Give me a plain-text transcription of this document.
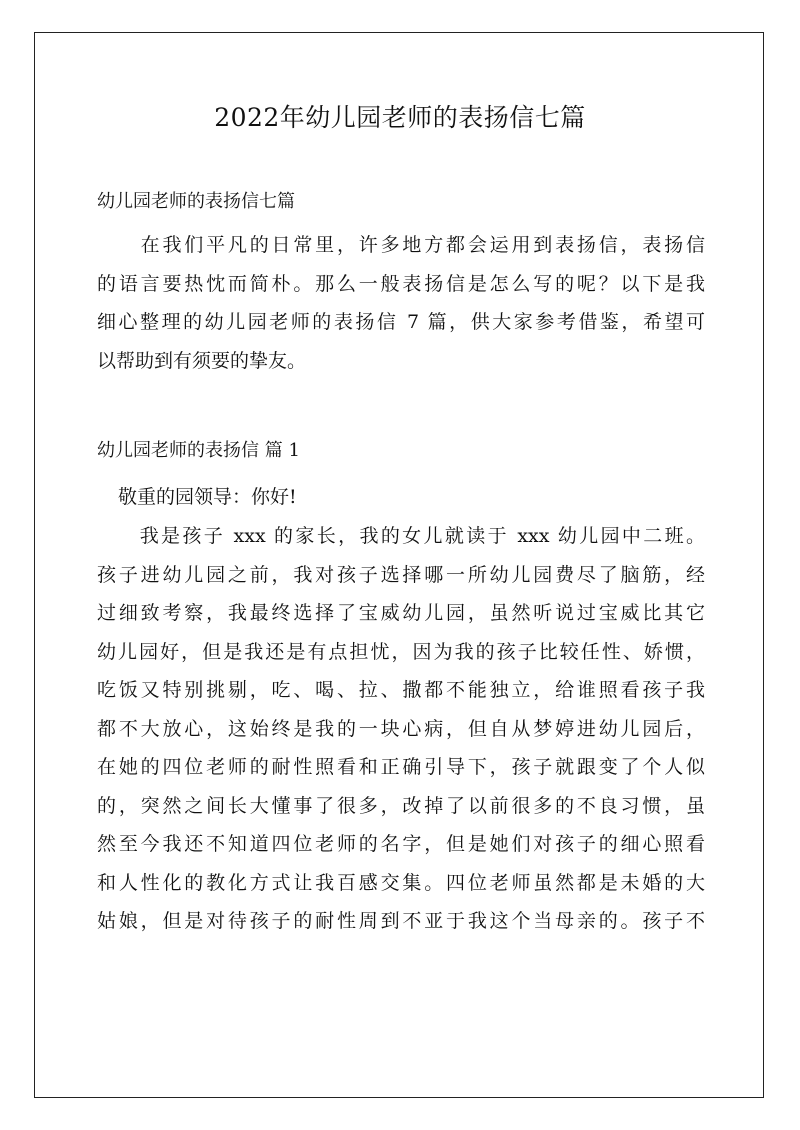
2022年幼儿园老师的表扬信七篇
幼儿园老师的表扬信七篇

　　在我们平凡的日常里，许多地方都会运用到表扬信，表扬信
的语言要热忱而简朴。那么一般表扬信是怎么写的呢？以下是我
细心整理的幼儿园老师的表扬信 7 篇，供大家参考借鉴，希望可
以帮助到有须要的挚友。

幼儿园老师的表扬信 篇 1
敬重的园领导：你好!

　　我是孩子 xxx 的家长，我的女儿就读于 xxx 幼儿园中二班。
孩子进幼儿园之前，我对孩子选择哪一所幼儿园费尽了脑筋，经
过细致考察，我最终选择了宝威幼儿园，虽然听说过宝威比其它
幼儿园好，但是我还是有点担忧，因为我的孩子比较任性、娇惯，
吃饭又特别挑剔，吃、喝、拉、撒都不能独立，给谁照看孩子我
都不大放心，这始终是我的一块心病，但自从梦婷进幼儿园后，
在她的四位老师的耐性照看和正确引导下，孩子就跟变了个人似
的，突然之间长大懂事了很多，改掉了以前很多的不良习惯，虽
然至今我还不知道四位老师的名字，但是她们对孩子的细心照看
和人性化的教化方式让我百感交集。四位老师虽然都是未婚的大
姑娘，但是对待孩子的耐性周到不亚于我这个当母亲的。孩子不
